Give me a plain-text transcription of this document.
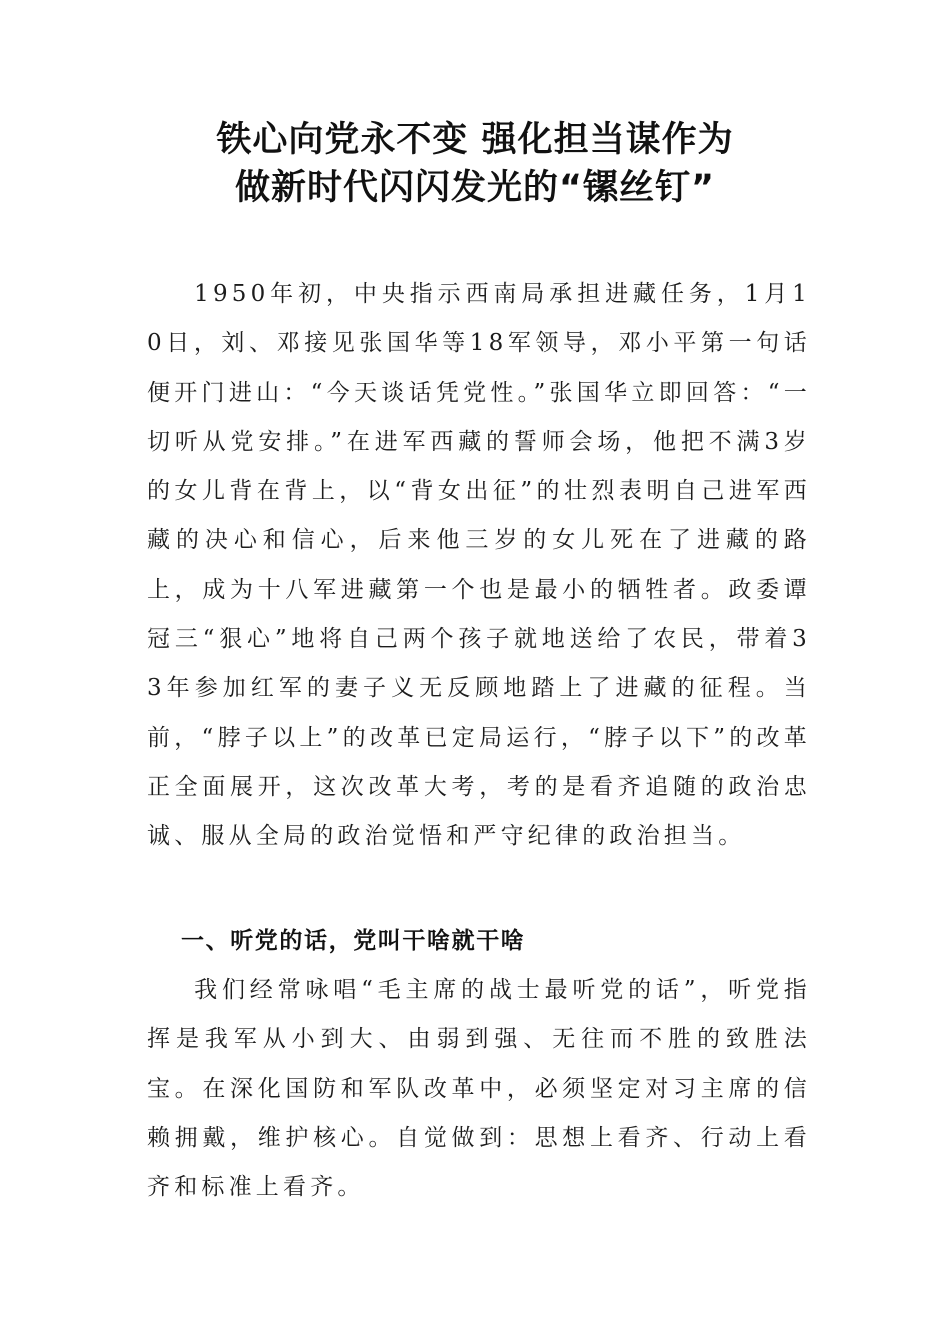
铁心向党永不变 强化担当谋作为
做新时代闪闪发光的“镙丝钉”

1950年初，中央指示西南局承担进藏任务，1月10日，刘、邓接见张国华等18军领导，邓小平第一句话便开门进山：“今天谈话凭党性。”张国华立即回答：“一切听从党安排。”在进军西藏的誓师会场，他把不满3岁的女儿背在背上，以“背女出征”的壮烈表明自己进军西藏的决心和信心，后来他三岁的女儿死在了进藏的路上，成为十八军进藏第一个也是最小的牺牲者。政委谭冠三“狠心”地将自己两个孩子就地送给了农民，带着33年参加红军的妻子义无反顾地踏上了进藏的征程。当前，“脖子以上”的改革已定局运行，“脖子以下”的改革正全面展开，这次改革大考，考的是看齐追随的政治忠诚、服从全局的政治觉悟和严守纪律的政治担当。

一、听党的话，党叫干啥就干啥

我们经常咏唱“毛主席的战士最听党的话”，听党指挥是我军从小到大、由弱到强、无往而不胜的致胜法宝。在深化国防和军队改革中，必须坚定对习主席的信赖拥戴，维护核心。自觉做到：思想上看齐、行动上看齐和标准上看齐。
